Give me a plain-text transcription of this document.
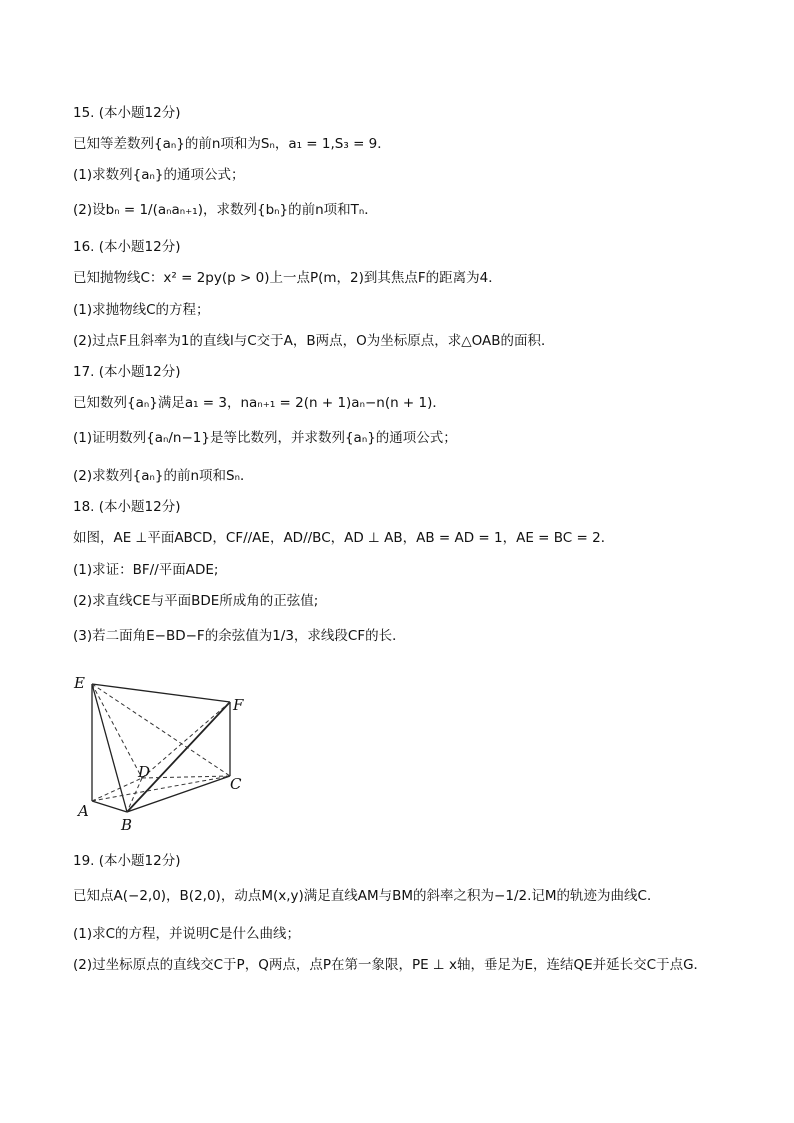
15. (本小题12分)
已知等差数列{aₙ}的前n项和为Sₙ，a₁ = 1,S₃ = 9．
(1)求数列{aₙ}的通项公式；
(2)设bₙ = 1/(aₙaₙ₊₁)，求数列{bₙ}的前n项和Tₙ．
16. (本小题12分)
已知抛物线C：x² = 2py(p > 0)上一点P(m，2)到其焦点F的距离为4．
(1)求抛物线C的方程；
(2)过点F且斜率为1的直线l与C交于A，B两点，O为坐标原点，求△OAB的面积．
17. (本小题12分)
已知数列{aₙ}满足a₁ = 3，naₙ₊₁ = 2(n + 1)aₙ−n(n + 1)．
(1)证明数列{aₙ/n−1}是等比数列，并求数列{aₙ}的通项公式；
(2)求数列{aₙ}的前n项和Sₙ．
18. (本小题12分)
如图，AE ⊥平面ABCD，CF//AE，AD//BC，AD ⊥ AB，AB = AD = 1，AE = BC = 2．
(1)求证：BF//平面ADE;
(2)求直线CE与平面BDE所成角的正弦值;
(3)若二面角E−BD−F的余弦值为1/3，求线段CF的长．
E
F
D
C
A
B
19. (本小题12分)
已知点A(−2,0)，B(2,0)，动点M(x,y)满足直线AM与BM的斜率之积为−1/2.记M的轨迹为曲线C．
(1)求C的方程，并说明C是什么曲线；
(2)过坐标原点的直线交C于P，Q两点，点P在第一象限，PE ⊥ x轴，垂足为E，连结QE并延长交C于点G．
